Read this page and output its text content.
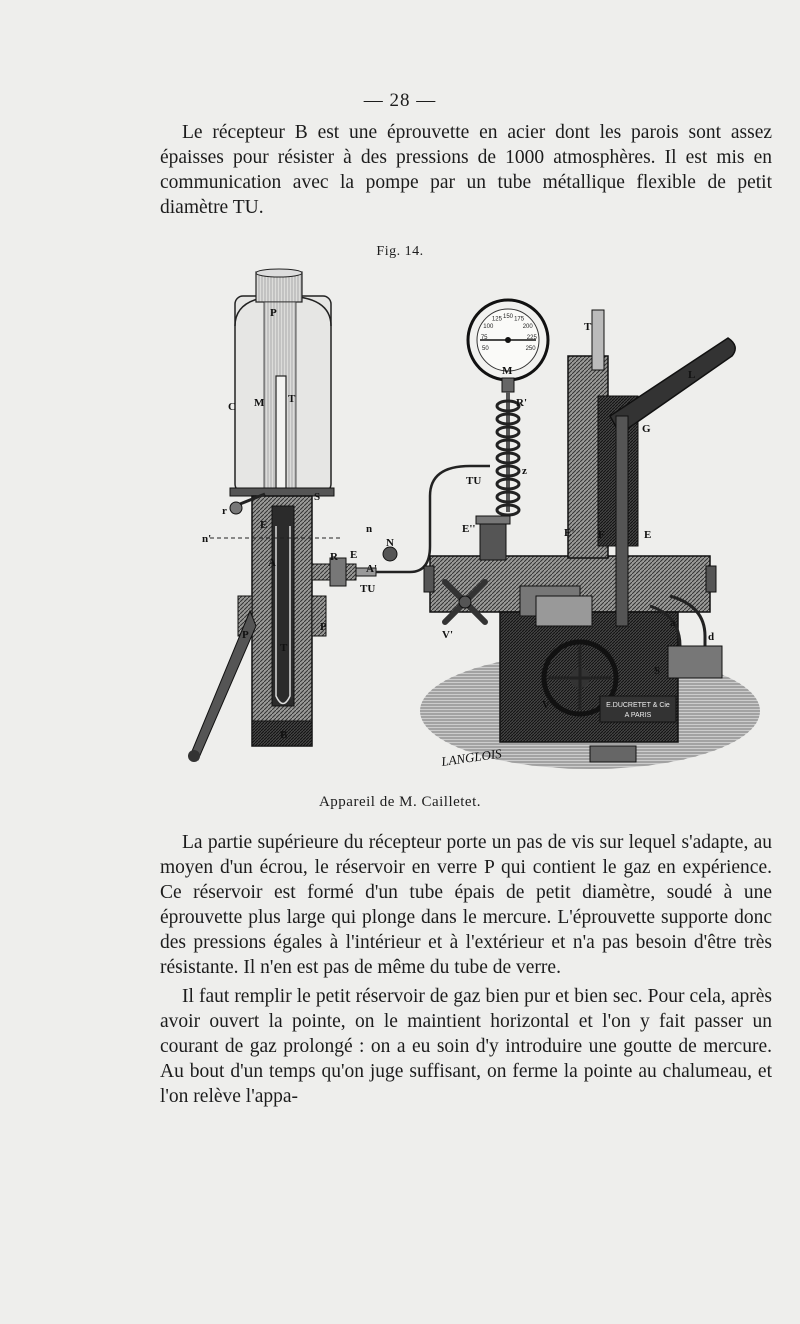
— 28 —

Le récepteur B est une éprouvette en acier dont les parois sont assez épaisses pour résister à des pressions de 1000 atmosphères. Il est mis en communication avec la pompe par un tube métallique flexible de petit diamètre TU.

Fig. 14.
50
75
100
125 150 175
200
225
250
E.DUCRETET & Cie
A PARIS
LANGLOIS
P
C M T
S
r
n'
n
E
A	R E
N
A'
TU
TU
T
P
P
B
M
R'
z
E''
V'
E' F	E
T
L
G
a
d
S
V
Appareil de M. Cailletet.

La partie supérieure du récepteur porte un pas de vis sur lequel s'adapte, au moyen d'un écrou, le réservoir en verre P qui contient le gaz en expérience. Ce réservoir est formé d'un tube épais de petit diamètre, soudé à une éprouvette plus large qui plonge dans le mercure. L'éprouvette supporte donc des pressions égales à l'intérieur et à l'extérieur et n'a pas besoin d'être très résistante. Il n'en est pas de même du tube de verre.

Il faut remplir le petit réservoir de gaz bien pur et bien sec. Pour cela, après avoir ouvert la pointe, on le maintient horizontal et l'on y fait passer un courant de gaz prolongé : on a eu soin d'y introduire une goutte de mercure. Au bout d'un temps qu'on juge suffisant, on ferme la pointe au chalumeau, et l'on relève l'appa-
